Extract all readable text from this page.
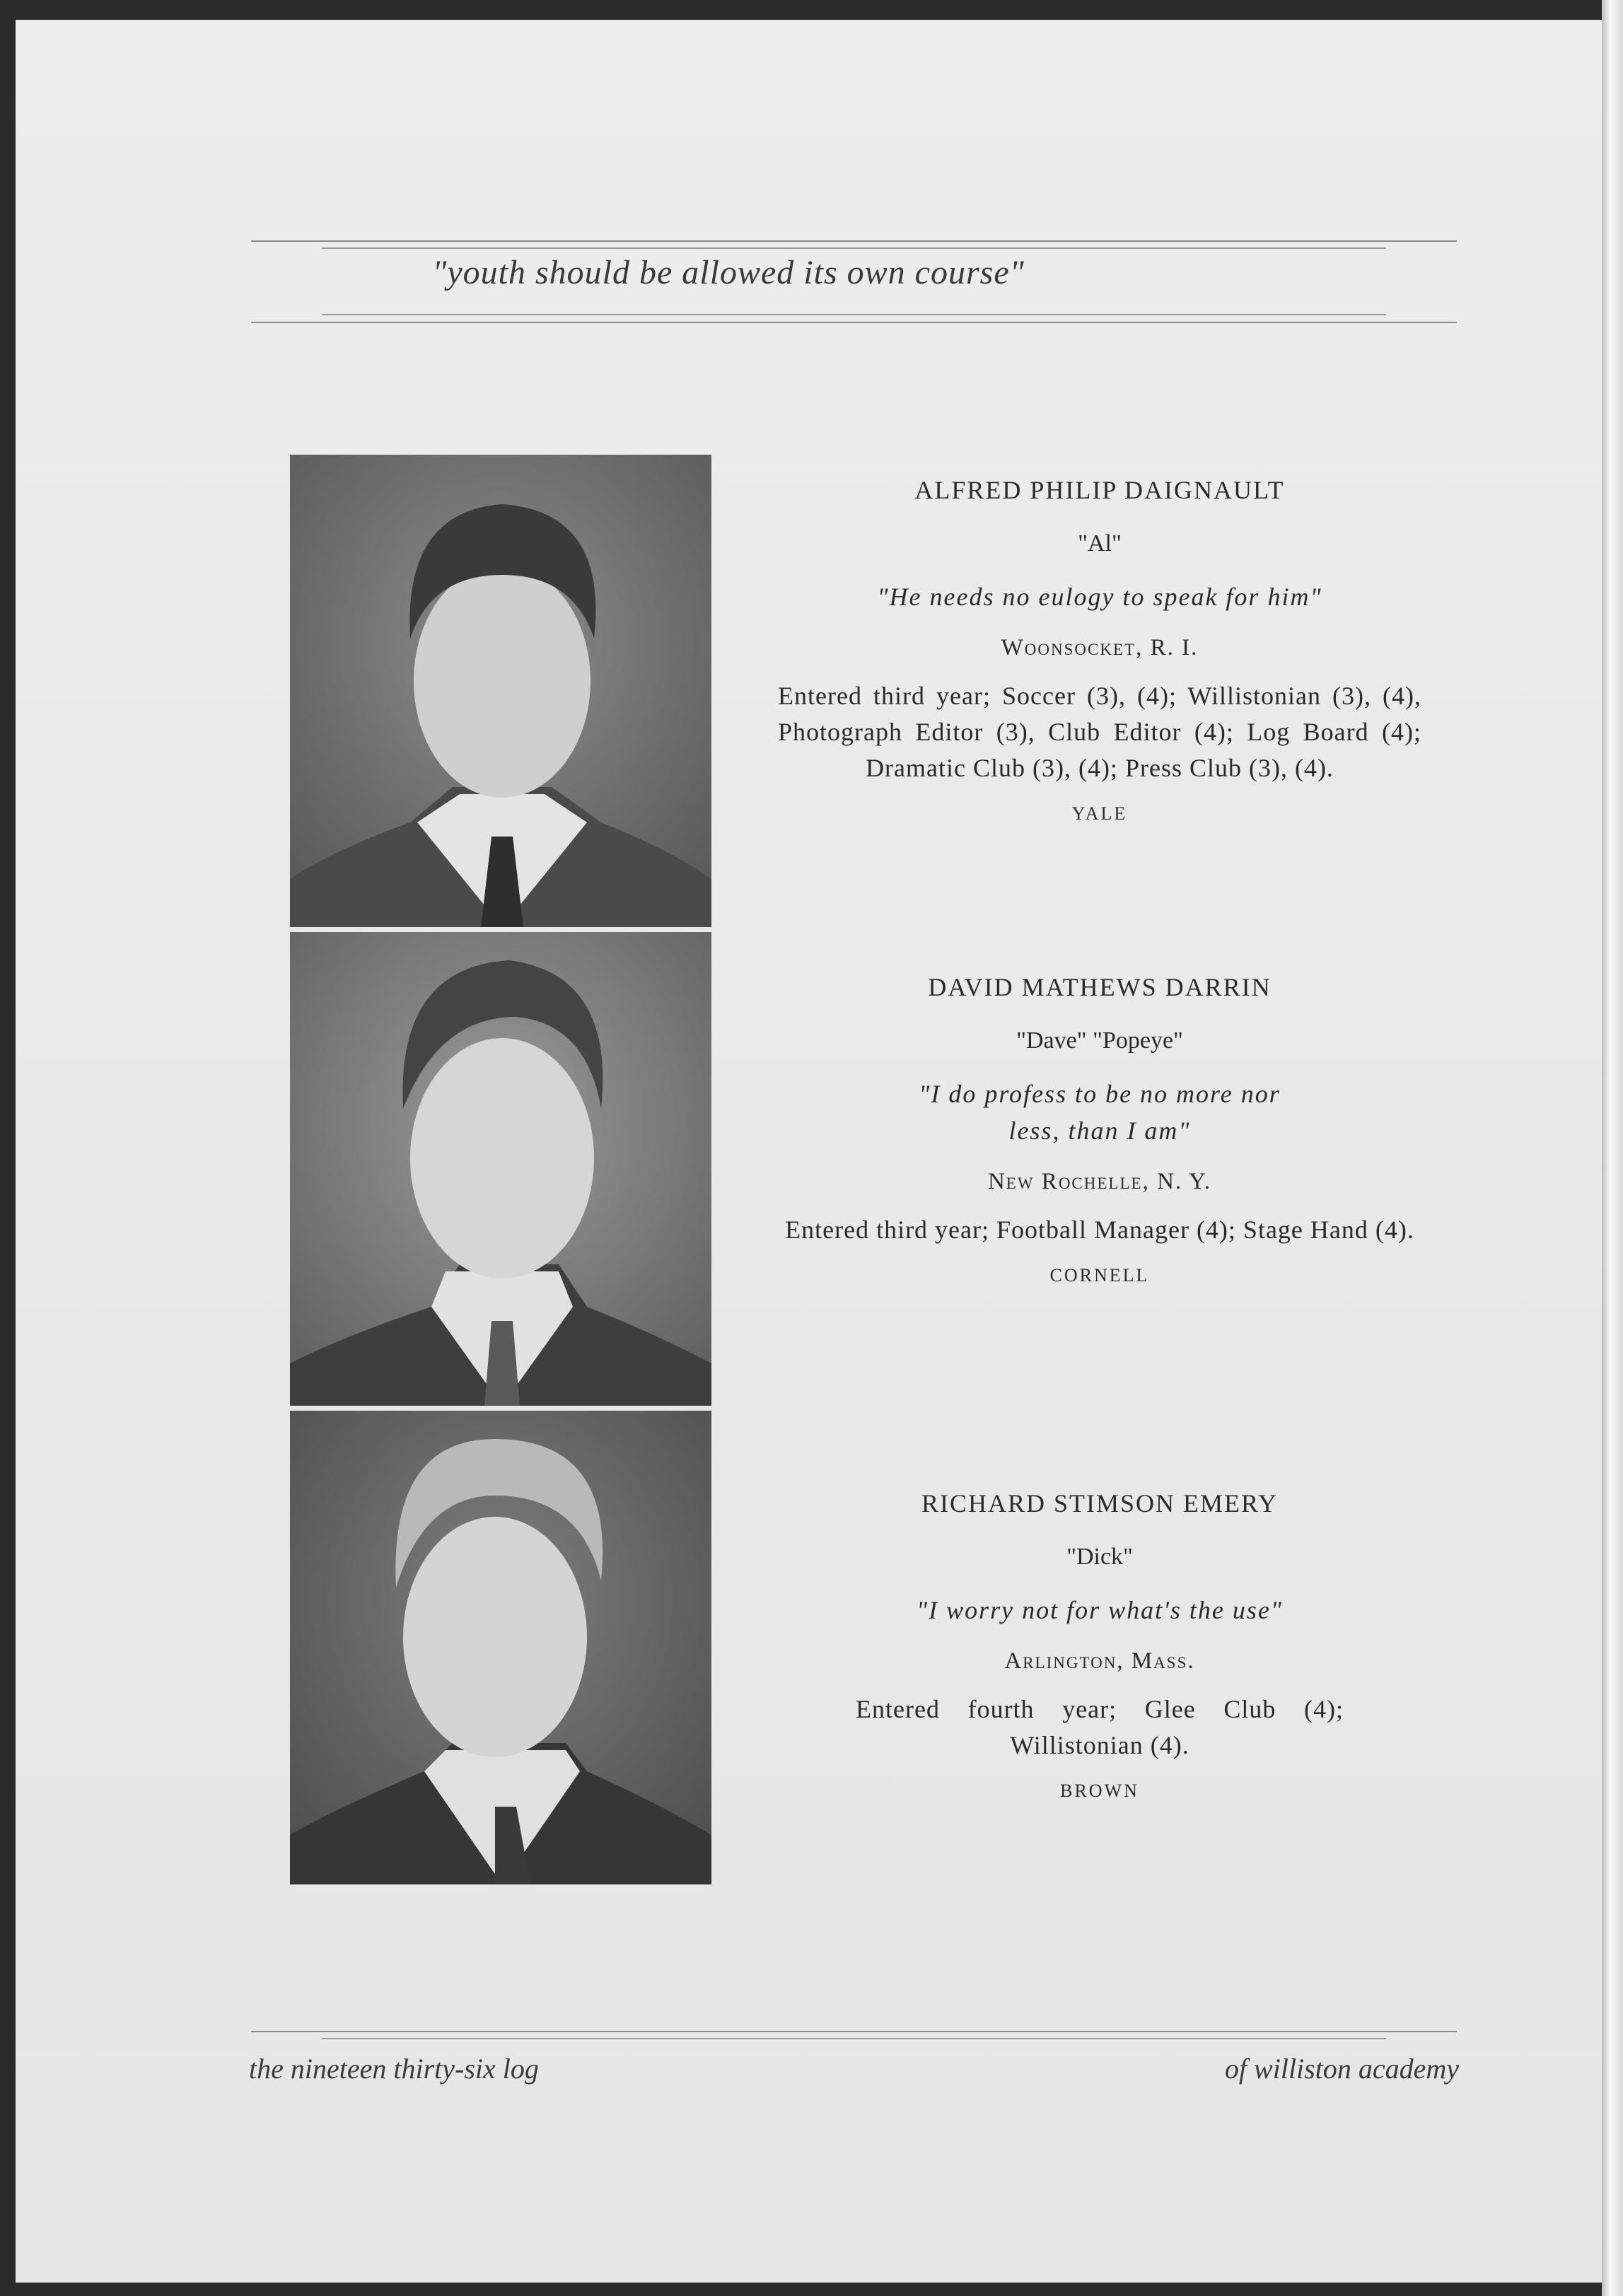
"youth should be allowed its own course"
ALFRED PHILIP DAIGNAULT
"Al"
"He needs no eulogy to speak for him"
Woonsocket, R. I.
Entered third year; Soccer (3), (4); Willistonian (3), (4), Photograph Editor (3), Club Editor (4); Log Board (4); Dramatic Club (3), (4); Press Club (3), (4).
YALE
DAVID MATHEWS DARRIN
"Dave" "Popeye"
"I do profess to be no more nor less, than I am"
New Rochelle, N. Y.
Entered third year; Football Manager (4); Stage Hand (4).
CORNELL
RICHARD STIMSON EMERY
"Dick"
"I worry not for what's the use"
Arlington, Mass.
Entered fourth year; Glee Club (4); Willistonian (4).
BROWN
the nineteen thirty-six log	of williston academy
